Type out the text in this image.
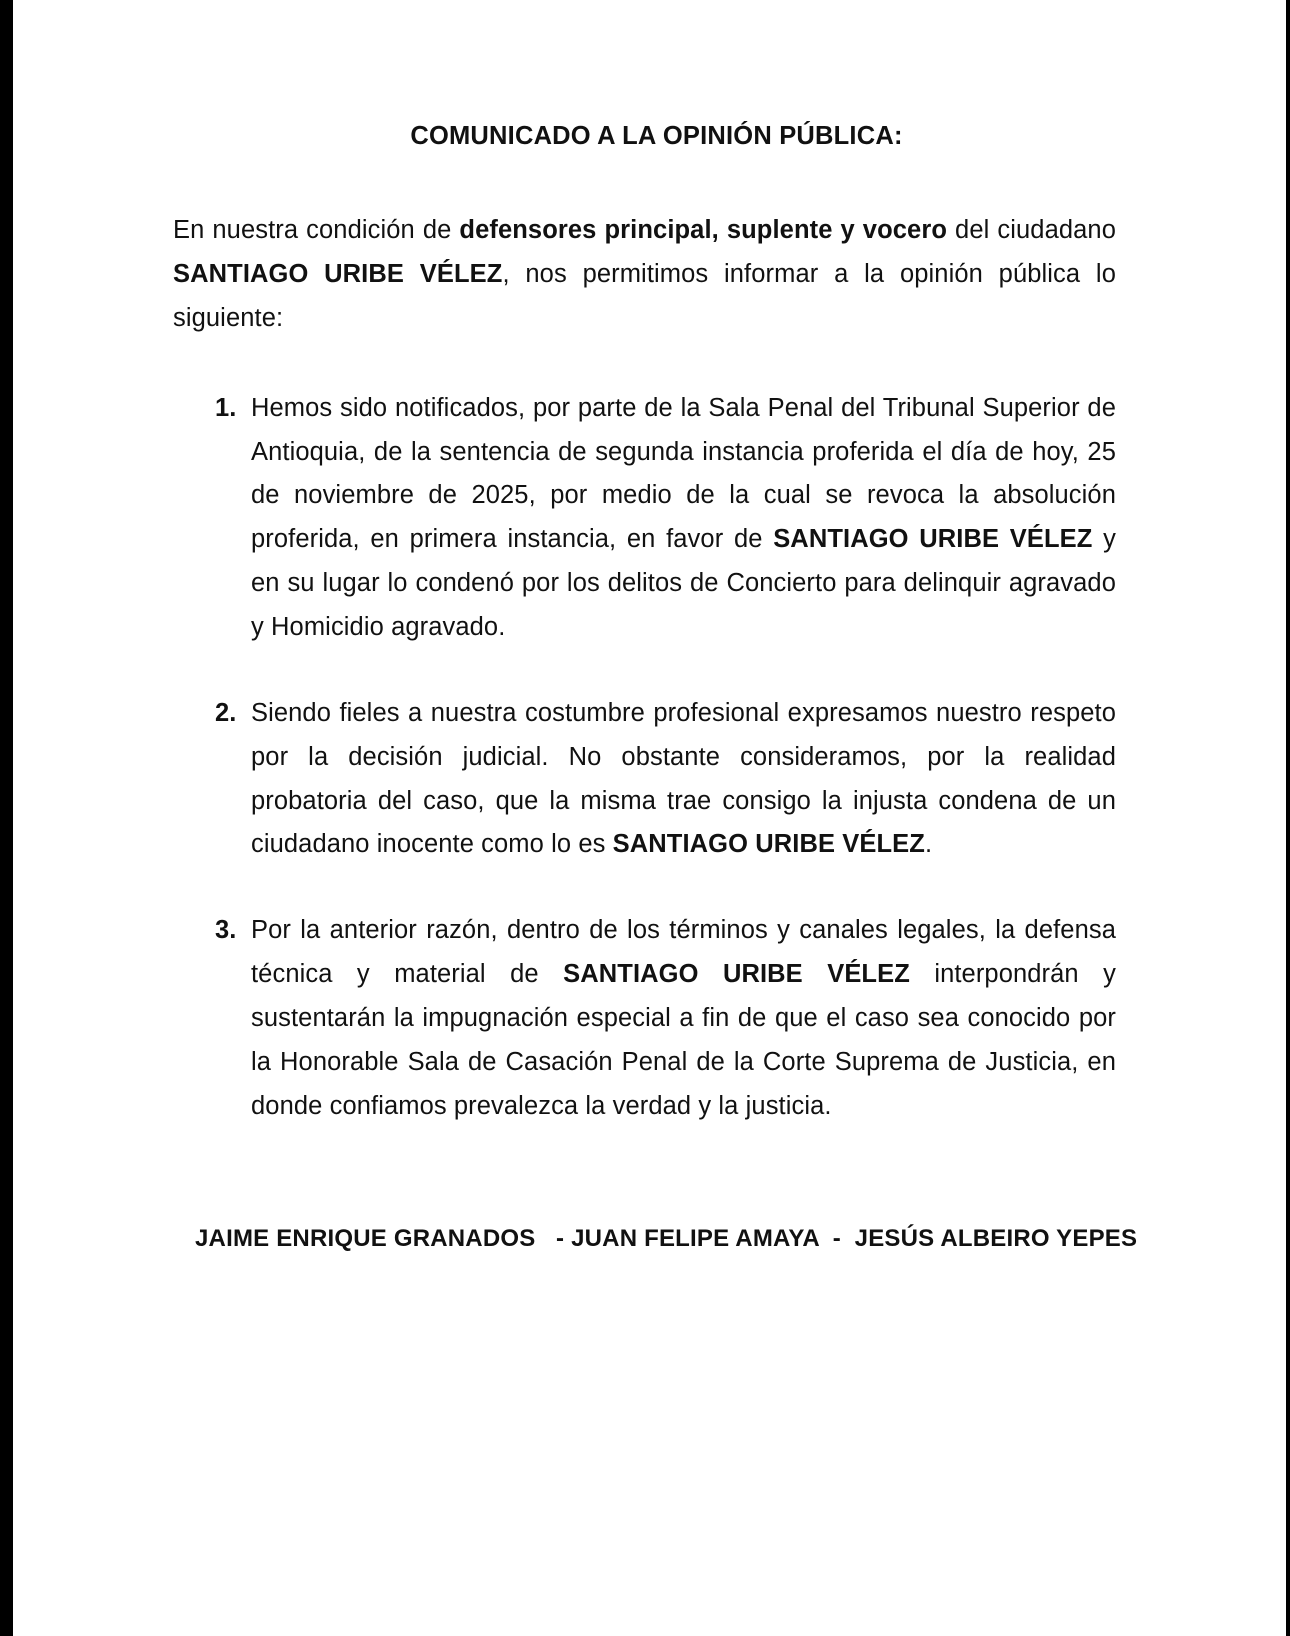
COMUNICADO A LA OPINIÓN PÚBLICA:

En nuestra condición de defensores principal, suplente y vocero del ciudadano SANTIAGO URIBE VÉLEZ, nos permitimos informar a la opinión pública lo siguiente:

1. Hemos sido notificados, por parte de la Sala Penal del Tribunal Superior de Antioquia, de la sentencia de segunda instancia proferida el día de hoy, 25 de noviembre de 2025, por medio de la cual se revoca la absolución proferida, en primera instancia, en favor de SANTIAGO URIBE VÉLEZ y en su lugar lo condenó por los delitos de Concierto para delinquir agravado y Homicidio agravado.
2. Siendo fieles a nuestra costumbre profesional expresamos nuestro respeto por la decisión judicial. No obstante consideramos, por la realidad probatoria del caso, que la misma trae consigo la injusta condena de un ciudadano inocente como lo es SANTIAGO URIBE VÉLEZ.
3. Por la anterior razón, dentro de los términos y canales legales, la defensa técnica y material de SANTIAGO URIBE VÉLEZ interpondrán y sustentarán la impugnación especial a fin de que el caso sea conocido por la Honorable Sala de Casación Penal de la Corte Suprema de Justicia, en donde confiamos prevalezca la verdad y la justicia.
JAIME ENRIQUE GRANADOS   - JUAN FELIPE AMAYA  -  JESÚS ALBEIRO YEPES
